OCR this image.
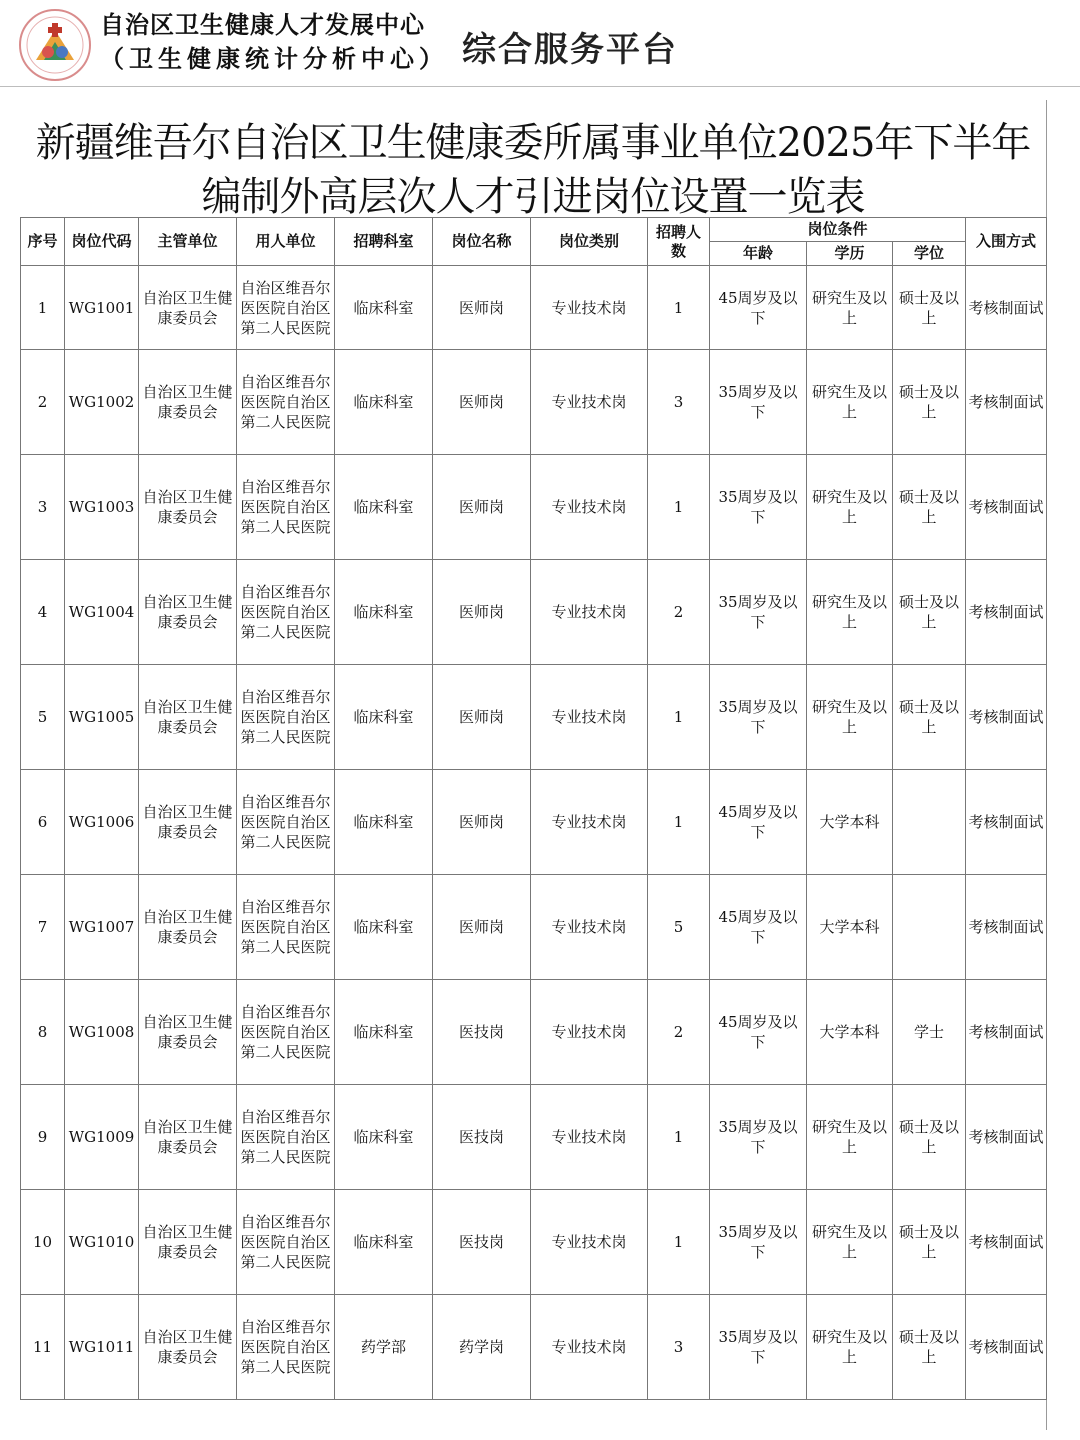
自治区卫生健康人才发展中心
（卫生健康统计分析中心） 综合服务平台
新疆维吾尔自治区卫生健康委所属事业单位2025年下半年
编制外高层次人才引进岗位设置一览表
序号	岗位代码	主管单位	用人单位	招聘科室	岗位名称	岗位类别	招聘人数	岗位条件			入围方式
								年龄	学历	学位	
1	WG1001	自治区卫生健康委员会	自治区维吾尔医医院自治区第二人民医院	临床科室	医师岗	专业技术岗	1	45周岁及以下	研究生及以上	硕士及以上	考核制面试
2	WG1002	自治区卫生健康委员会	自治区维吾尔医医院自治区第二人民医院	临床科室	医师岗	专业技术岗	3	35周岁及以下	研究生及以上	硕士及以上	考核制面试
3	WG1003	自治区卫生健康委员会	自治区维吾尔医医院自治区第二人民医院	临床科室	医师岗	专业技术岗	1	35周岁及以下	研究生及以上	硕士及以上	考核制面试
4	WG1004	自治区卫生健康委员会	自治区维吾尔医医院自治区第二人民医院	临床科室	医师岗	专业技术岗	2	35周岁及以下	研究生及以上	硕士及以上	考核制面试
5	WG1005	自治区卫生健康委员会	自治区维吾尔医医院自治区第二人民医院	临床科室	医师岗	专业技术岗	1	35周岁及以下	研究生及以上	硕士及以上	考核制面试
6	WG1006	自治区卫生健康委员会	自治区维吾尔医医院自治区第二人民医院	临床科室	医师岗	专业技术岗	1	45周岁及以下	大学本科		考核制面试
7	WG1007	自治区卫生健康委员会	自治区维吾尔医医院自治区第二人民医院	临床科室	医师岗	专业技术岗	5	45周岁及以下	大学本科		考核制面试
8	WG1008	自治区卫生健康委员会	自治区维吾尔医医院自治区第二人民医院	临床科室	医技岗	专业技术岗	2	45周岁及以下	大学本科	学士	考核制面试
9	WG1009	自治区卫生健康委员会	自治区维吾尔医医院自治区第二人民医院	临床科室	医技岗	专业技术岗	1	35周岁及以下	研究生及以上	硕士及以上	考核制面试
10	WG1010	自治区卫生健康委员会	自治区维吾尔医医院自治区第二人民医院	临床科室	医技岗	专业技术岗	1	35周岁及以下	研究生及以上	硕士及以上	考核制面试
11	WG1011	自治区卫生健康委员会	自治区维吾尔医医院自治区第二人民医院	药学部	药学岗	专业技术岗	3	35周岁及以下	研究生及以上	硕士及以上	考核制面试
